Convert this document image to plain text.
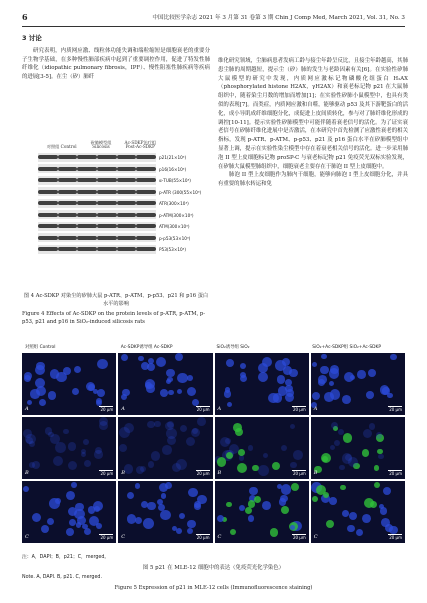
6	中国比较医学杂志 2021 年 3 月第 31 卷第 3 期 Chin J Comp Med, March 2021, Vol. 31, No. 3
3 讨论

研究表明，内质网应激、线粒体功能失调和端粒缩短是细胞衰老的重要分子生物学基础，在多种慢性肺部疾病中起到了重要调控作用，促进了特发性肺纤维化（idiopathic pulmonary fibrosis，IPF）、慢性阻塞性肺疾病等疾病的进展[3-5]。在尘（矽）肺纤

维化研究领域，尘肺病患者发病工龄与接尘年龄呈反比，且接尘年龄越高，其肺患尘肺的周期越短，提示尘（矽）肺的发生与老龄因素有关[6]。在实验性矽肺大鼠模型的研究中发现，内质网应激标记物磷酸化组蛋白 H₂AX（phosphorylated histone H2AX，γH2AX）和衰老标记物 p21 在大鼠肺组织中，随着染尘月数的增加而增加[1]；在实验性矽肺小鼠模型中，也具有类似的表现[7]。而类症，内质网应激和自噬，能够驱动 p53 及其下游靶蛋白的活化，成小导肌成纤维细胞分化，成促进上皮间质转化，参与对了肺纤维化形成的调控[10-11]。提示实验性矽肺模型中可能伴随着衰老信号的活化。为了证实衰老信号在矽肺纤维化进展中是否激活，在本研究中首先检测了应激性衰老的相关指标，发现 p-ATR、p-ATM、p-p53、p21 及 p16 蛋白水平在矽肺模型组中显著上调，提示在实验性染尘模型中存在着衰老相关信号的活化。进一步采用肺泡 II 型上皮细胞标记物 proSP-C 与衰老标记物 p21 免疫荧光双标实验发现，在矽肺大鼠模型肺组织中，细胞衰老主要存在于肺泡 II 型上皮细胞中。

肺泡 II 型上皮细胞作为肺内干细胞，能够向肺泡 I 型上皮细胞分化，并具有重要的肺水转运和免

对照组 Control
矽肺模型组 Silicosis
Ac-SDKP治疗组 Post-Ac-SDKP
p21(21×10³)
p16(16×10³)
α-TUB(55×10³)
p-ATR (300(55×10³)
ATR(300×10³)
p-ATM(300×10³)
ATM(300×10³)
p-p53(53×10³)
P53(53×10³)
图 4 Ac-SDKP 对染尘的矽肺大鼠 p-ATR、p-ATM、p-p53、p21 和 p16 蛋白水平的影响
Figure 4 Effects of Ac-SDKP on the protein levels of p-ATR, p-ATM, p-p53, p21 and p16 in SiO₂-induced silicosis rats
对照组 Control	Ac-SDKP诱导组 Ac-SDKP	SiO₂诱导组 SiO₂	SiO₂+Ac-SDKP组 SiO₂+Ac-SDKP
A	20 μm A	20 μm A	20 μm A	20 μm
B	20 μm B	20 μm B	20 μm B	20 μm
C	20 μm C	20 μm C	20 μm C	20 μm
注：A，DAPI；B，p21；C，merged。
图 5 p21 在 MLE-12 细胞中的表达（免疫荧光化学染色）
Note. A, DAPI. B, p21. C, merged.
Figure 5 Expression of p21 in MLE-12 cells (Immunofluorescence staining)
